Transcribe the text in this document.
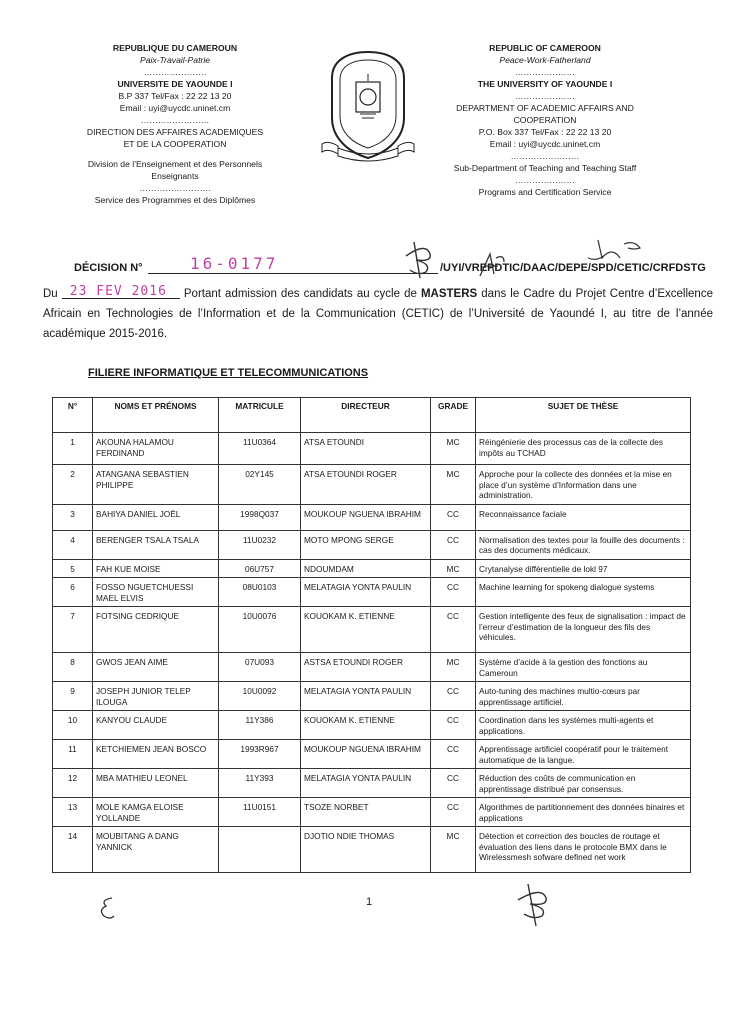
REPUBLIQUE DU CAMEROUN
Paix-Travail-Patrie
………………….
UNIVERSITE DE YAOUNDE I
B.P 337 Tel/Fax : 22 22 13 20
Email : uyi@uycdc.uninet.cm
……………………
DIRECTION DES AFFAIRES ACADEMIQUES
ET DE LA COOPERATION
Division de l’Enseignement et des Personnels Enseignants
…………………….
Service des Programmes et des Diplômes
REPUBLIC OF CAMEROON
Peace-Work-Fatherland
…………………
THE UNIVERSITY OF YAOUNDE I
…………………
DEPARTMENT OF ACADEMIC AFFAIRS AND
COOPERATION
P.O. Box 337 Tel/Fax : 22 22 13 20
Email : uyi@uycdc.uninet.cm
……………………
Sub-Department of Teaching and Teaching Staff
…………………
Programs and Certification Service
DÉCISION N°	16-0177	/UYI/VREPDTIC/DAAC/DEPE/SPD/CETIC/CRFDSTG
Du 23 FEV 2016 Portant admission des candidats au cycle de MASTERS dans le Cadre du Projet Centre d’Excellence Africain en Technologies de l’Information et de la Communication (CETIC) de l’Université de Yaoundé I, au titre de l’année académique 2015-2016.
FILIERE INFORMATIQUE ET TELECOMMUNICATIONS
N°	NOMS ET PRÉNOMS	MATRICULE	DIRECTEUR	GRADE	SUJET DE THÈSE
1	AKOUNA HALAMOU FERDINAND	11U0364	ATSA ETOUNDI	MC	Réingénierie des processus cas de la collecte des impôts au TCHAD
2	ATANGANA SEBASTIEN PHILIPPE	02Y145	ATSA ETOUNDI ROGER	MC	Approche pour la collecte des données et la mise en place d’un système d’Information dans une administration.
3	BAHIYA DANIEL JOËL	1998Q037	MOUKOUP NGUENA IBRAHIM	CC	Reconnaissance faciale
4	BERENGER TSALA TSALA	11U0232	MOTO MPONG SERGE	CC	Normalisation des textes pour la fouille des documents : cas des documents médicaux.
5	FAH KUE MOISE	06U757	NDOUMDAM	MC	Crytanalyse différentielle de lokl 97
6	FOSSO NGUETCHUESSI MAEL ELVIS	08U0103	MELATAGIA YONTA PAULIN	CC	Machine learning for spokeng dialogue systems
7	FOTSING CEDRIQUE	10U0076	KOUOKAM K. ETIENNE	CC	Gestion intelligente des feux de signalisation : impact de l’erreur d’estimation de la longueur des fils des véhicules.
8	GWOS JEAN AIME	07U093	ASTSA ETOUNDI ROGER	MC	Système d’acide à la gestion des fonctions au Cameroun
9	JOSEPH JUNIOR TELEP ILOUGA	10U0092	MELATAGIA YONTA PAULIN	CC	Auto-tuning des machines multio-cœurs par apprentissage artificiel.
10	KANYOU CLAUDE	11Y386	KOUOKAM K. ETIENNE	CC	Coordination dans les systèmes multi-agents et applications.
11	KETCHIEMEN JEAN BOSCO	1993R967	MOUKOUP NGUENA IBRAHIM	CC	Apprentissage artificiel coopératif pour le traitement automatique de la langue.
12	MBA MATHIEU LEONEL	11Y393	MELATAGIA YONTA PAULIN	CC	Réduction des coûts de communication en apprentissage distribué par consensus.
13	MOLE KAMGA ELOISE YOLLANDE	11U0151	TSOZE NORBET	CC	Algorithmes de partitionnement des données binaires et applications
14	MOUBITANG A DANG YANNICK		DJOTIO NDIE THOMAS	MC	Détection et correction des boucles de routage et évaluation des liens dans le protocole BMX dans le Wirelessmesh sofware defined net work
1
